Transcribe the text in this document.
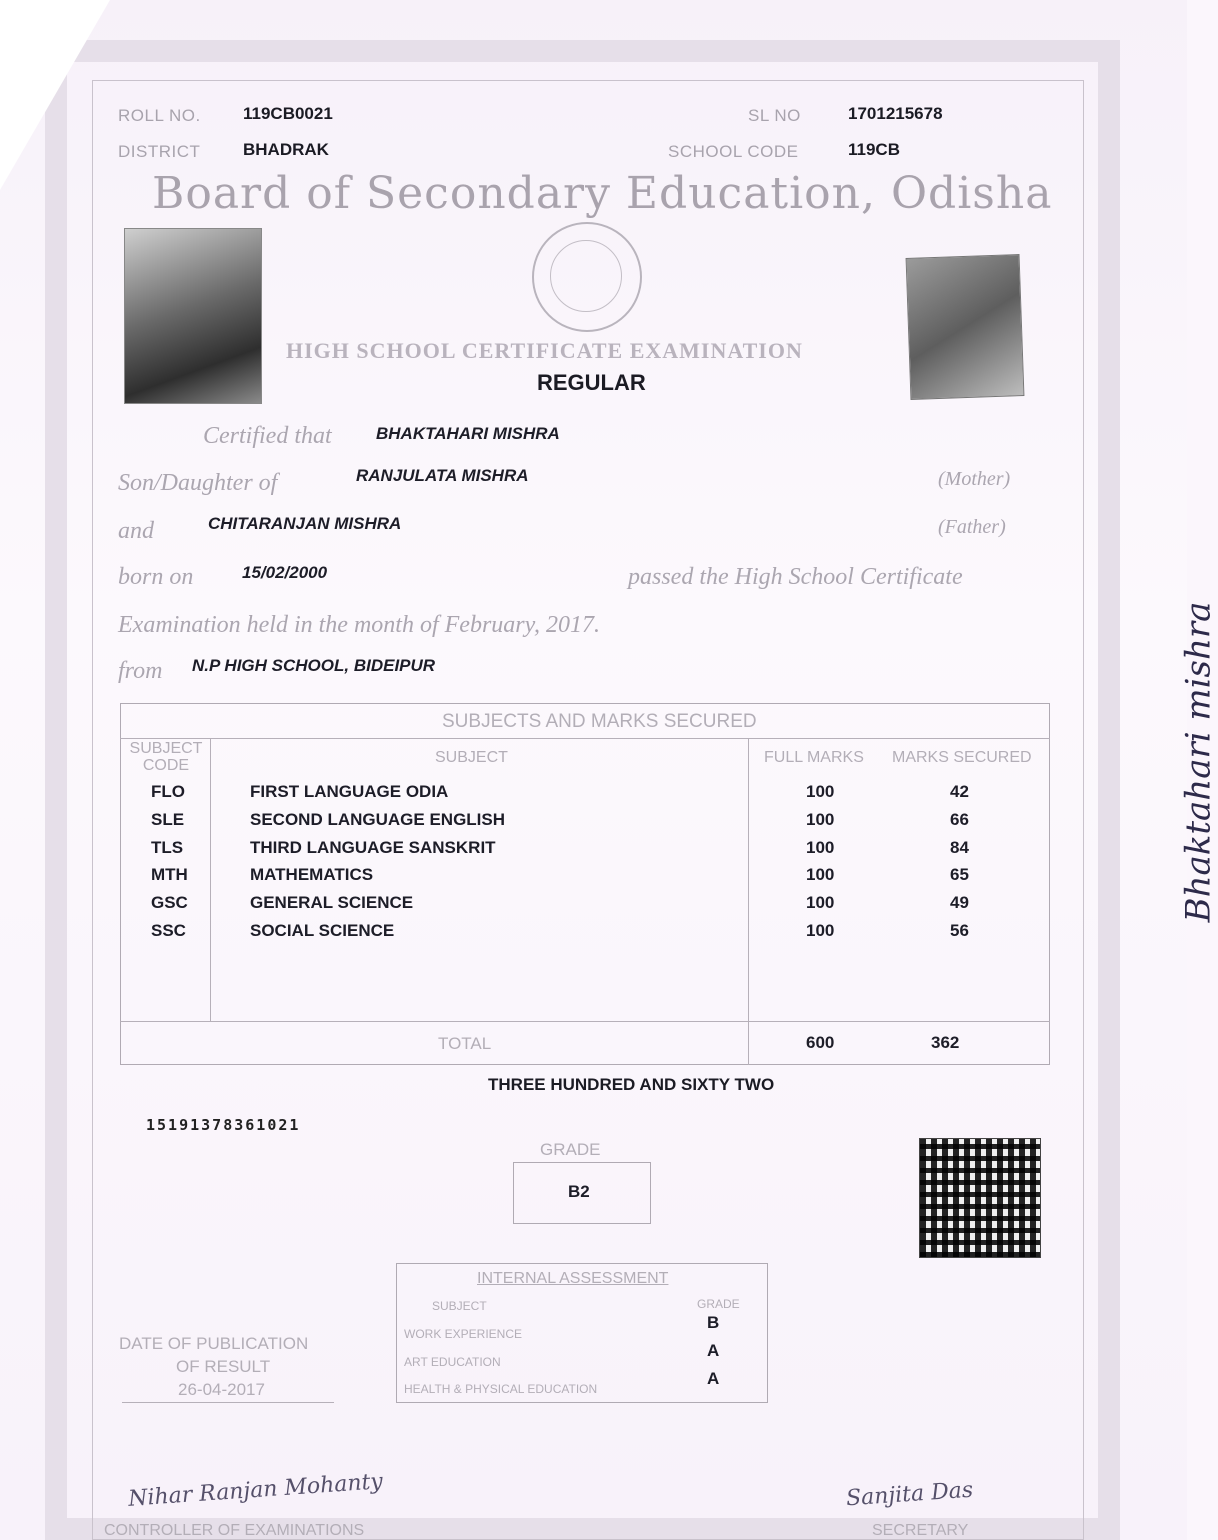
ROLL NO. 119CB0021	SL NO	1701215678
DISTRICT	BHADRAK	SCHOOL CODE	119CB
Board of Secondary Education, Odisha
HIGH SCHOOL CERTIFICATE EXAMINATION
REGULAR
Certified that	BHAKTAHARI MISHRA
Son/Daughter of	RANJULATA MISHRA	(Mother)
and	CHITARANJAN MISHRA	(Father)
born on	15/02/2000	passed the High School Certificate
Examination held in the month of February, 2017.
from N.P HIGH SCHOOL, BIDEIPUR
SUBJECTS AND MARKS SECURED
SUBJECT CODE	SUBJECT	FULL MARKS MARKS SECURED
FLO	FIRST LANGUAGE ODIA	100	42
SLE	SECOND LANGUAGE ENGLISH	100	66
TLS	THIRD LANGUAGE SANSKRIT	100	84
MTH	MATHEMATICS	100	65
GSC	GENERAL SCIENCE	100	49
SSC	SOCIAL SCIENCE	100	56
TOTAL	600	362
THREE HUNDRED AND SIXTY TWO
15191378361021
GRADE
B2
INTERNAL ASSESSMENT
SUBJECT	GRADE
WORK EXPERIENCE
B
ART EDUCATION
A
HEALTH & PHYSICAL EDUCATION
A
DATE OF PUBLICATION
OF RESULT
26-04-2017
Nihar Ranjan Mohanty
CONTROLLER OF EXAMINATIONS
Sanjita Das
SECRETARY
Bhaktahari mishra
